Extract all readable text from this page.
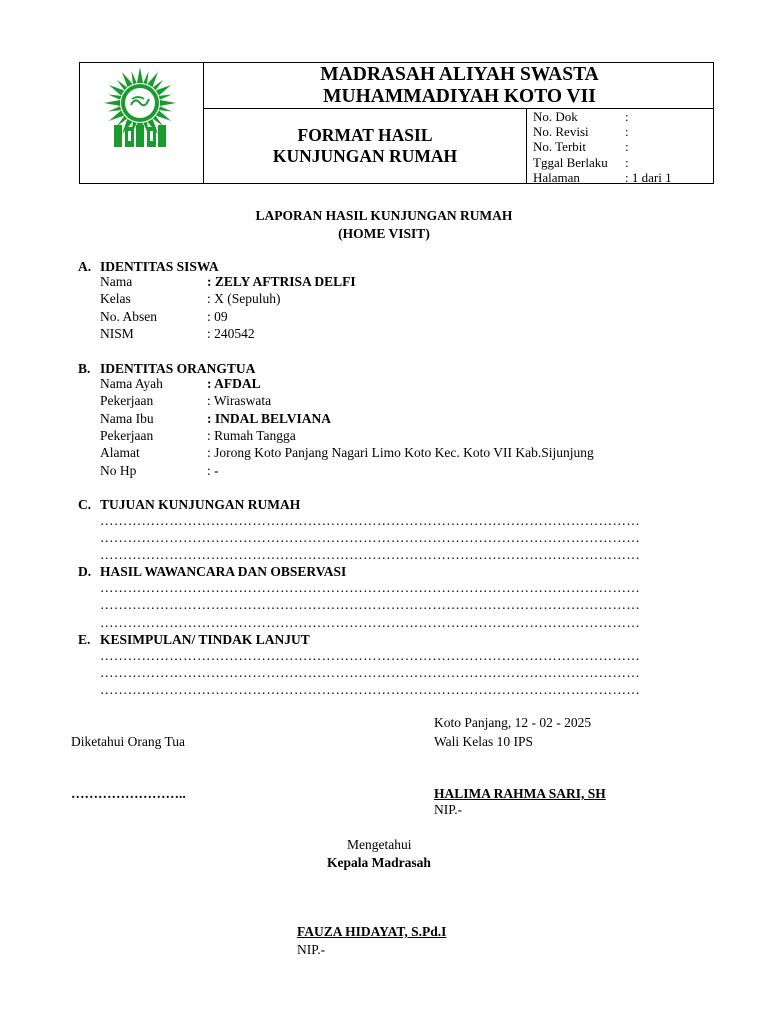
MADRASAH ALIYAH SWASTA
MUHAMMADIYAH KOTO VII
FORMAT HASIL
KUNJUNGAN RUMAH
No. Dok	:
No. Revisi	:
No. Terbit	:
Tggal Berlaku	:
Halaman	: 1 dari 1
LAPORAN HASIL KUNJUNGAN RUMAH
(HOME VISIT)
A. IDENTITAS SISWA
Nama	: ZELY AFTRISA DELFI
Kelas	: X (Sepuluh)
No. Absen	: 09
NISM	: 240542
B. IDENTITAS ORANGTUA
Nama Ayah	: AFDAL
Pekerjaan	: Wiraswata
Nama Ibu	: INDAL BELVIANA
Pekerjaan	: Rumah Tangga
Alamat	: Jorong Koto Panjang Nagari Limo Koto Kec. Koto VII Kab.Sijunjung
No Hp	: -
C. TUJUAN KUNJUNGAN RUMAH
………………………………………………………………………………………………………
………………………………………………………………………………………………………
………………………………………………………………………………………………………
D. HASIL WAWANCARA DAN OBSERVASI
………………………………………………………………………………………………………
………………………………………………………………………………………………………
………………………………………………………………………………………………………
E. KESIMPULAN/ TINDAK LANJUT
………………………………………………………………………………………………………
………………………………………………………………………………………………………
………………………………………………………………………………………………………
Koto Panjang, 12 - 02 - 2025
Diketahui Orang Tua	Wali Kelas 10 IPS
……………………..	HALIMA RAHMA SARI, SH
NIP.-
Mengetahui
Kepala Madrasah
FAUZA HIDAYAT, S.Pd.I
NIP.-
